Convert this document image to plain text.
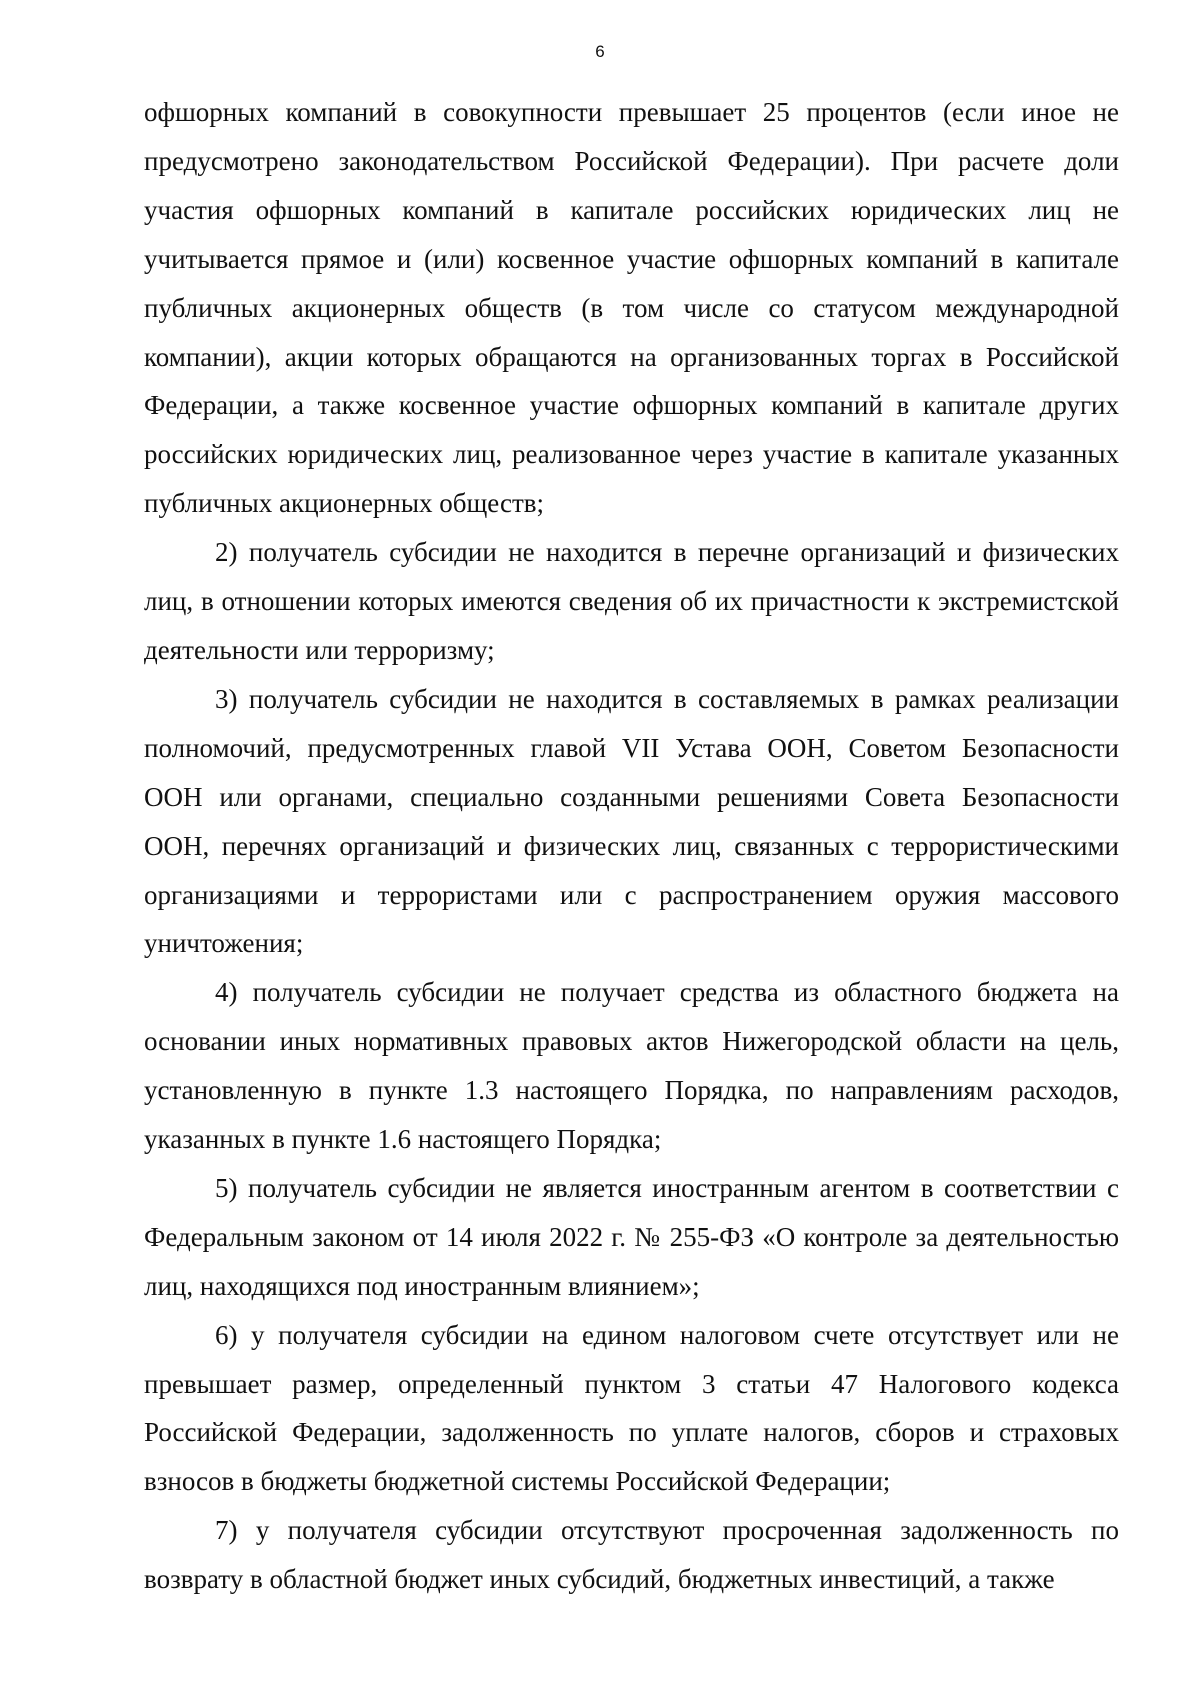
6

офшорных компаний в совокупности превышает 25 процентов (если иное не предусмотрено законодательством Российской Федерации). При расчете доли участия офшорных компаний в капитале российских юридических лиц не учитывается прямое и (или) косвенное участие офшорных компаний в капитале публичных акционерных обществ (в том числе со статусом международной компании), акции которых обращаются на организованных торгах в Российской Федерации, а также косвенное участие офшорных компаний в капитале других российских юридических лиц, реализованное через участие в капитале указанных публичных акционерных обществ;

2) получатель субсидии не находится в перечне организаций и физических лиц, в отношении которых имеются сведения об их причастности к экстремистской деятельности или терроризму;

3) получатель субсидии не находится в составляемых в рамках реализации полномочий, предусмотренных главой VII Устава ООН, Советом Безопасности ООН или органами, специально созданными решениями Совета Безопасности ООН, перечнях организаций и физических лиц, связанных с террористическими организациями и террористами или с распространением оружия массового уничтожения;

4) получатель субсидии не получает средства из областного бюджета на основании иных нормативных правовых актов Нижегородской области на цель, установленную в пункте 1.3 настоящего Порядка, по направлениям расходов, указанных в пункте 1.6 настоящего Порядка;

5) получатель субсидии не является иностранным агентом в соответствии с Федеральным законом от 14 июля 2022 г. № 255-ФЗ «О контроле за деятельностью лиц, находящихся под иностранным влиянием»;

6) у получателя субсидии на едином налоговом счете отсутствует или не превышает размер, определенный пунктом 3 статьи 47 Налогового кодекса Российской Федерации, задолженность по уплате налогов, сборов и страховых взносов в бюджеты бюджетной системы Российской Федерации;

7) у получателя субсидии отсутствуют просроченная задолженность по возврату в областной бюджет иных субсидий, бюджетных инвестиций, а также
